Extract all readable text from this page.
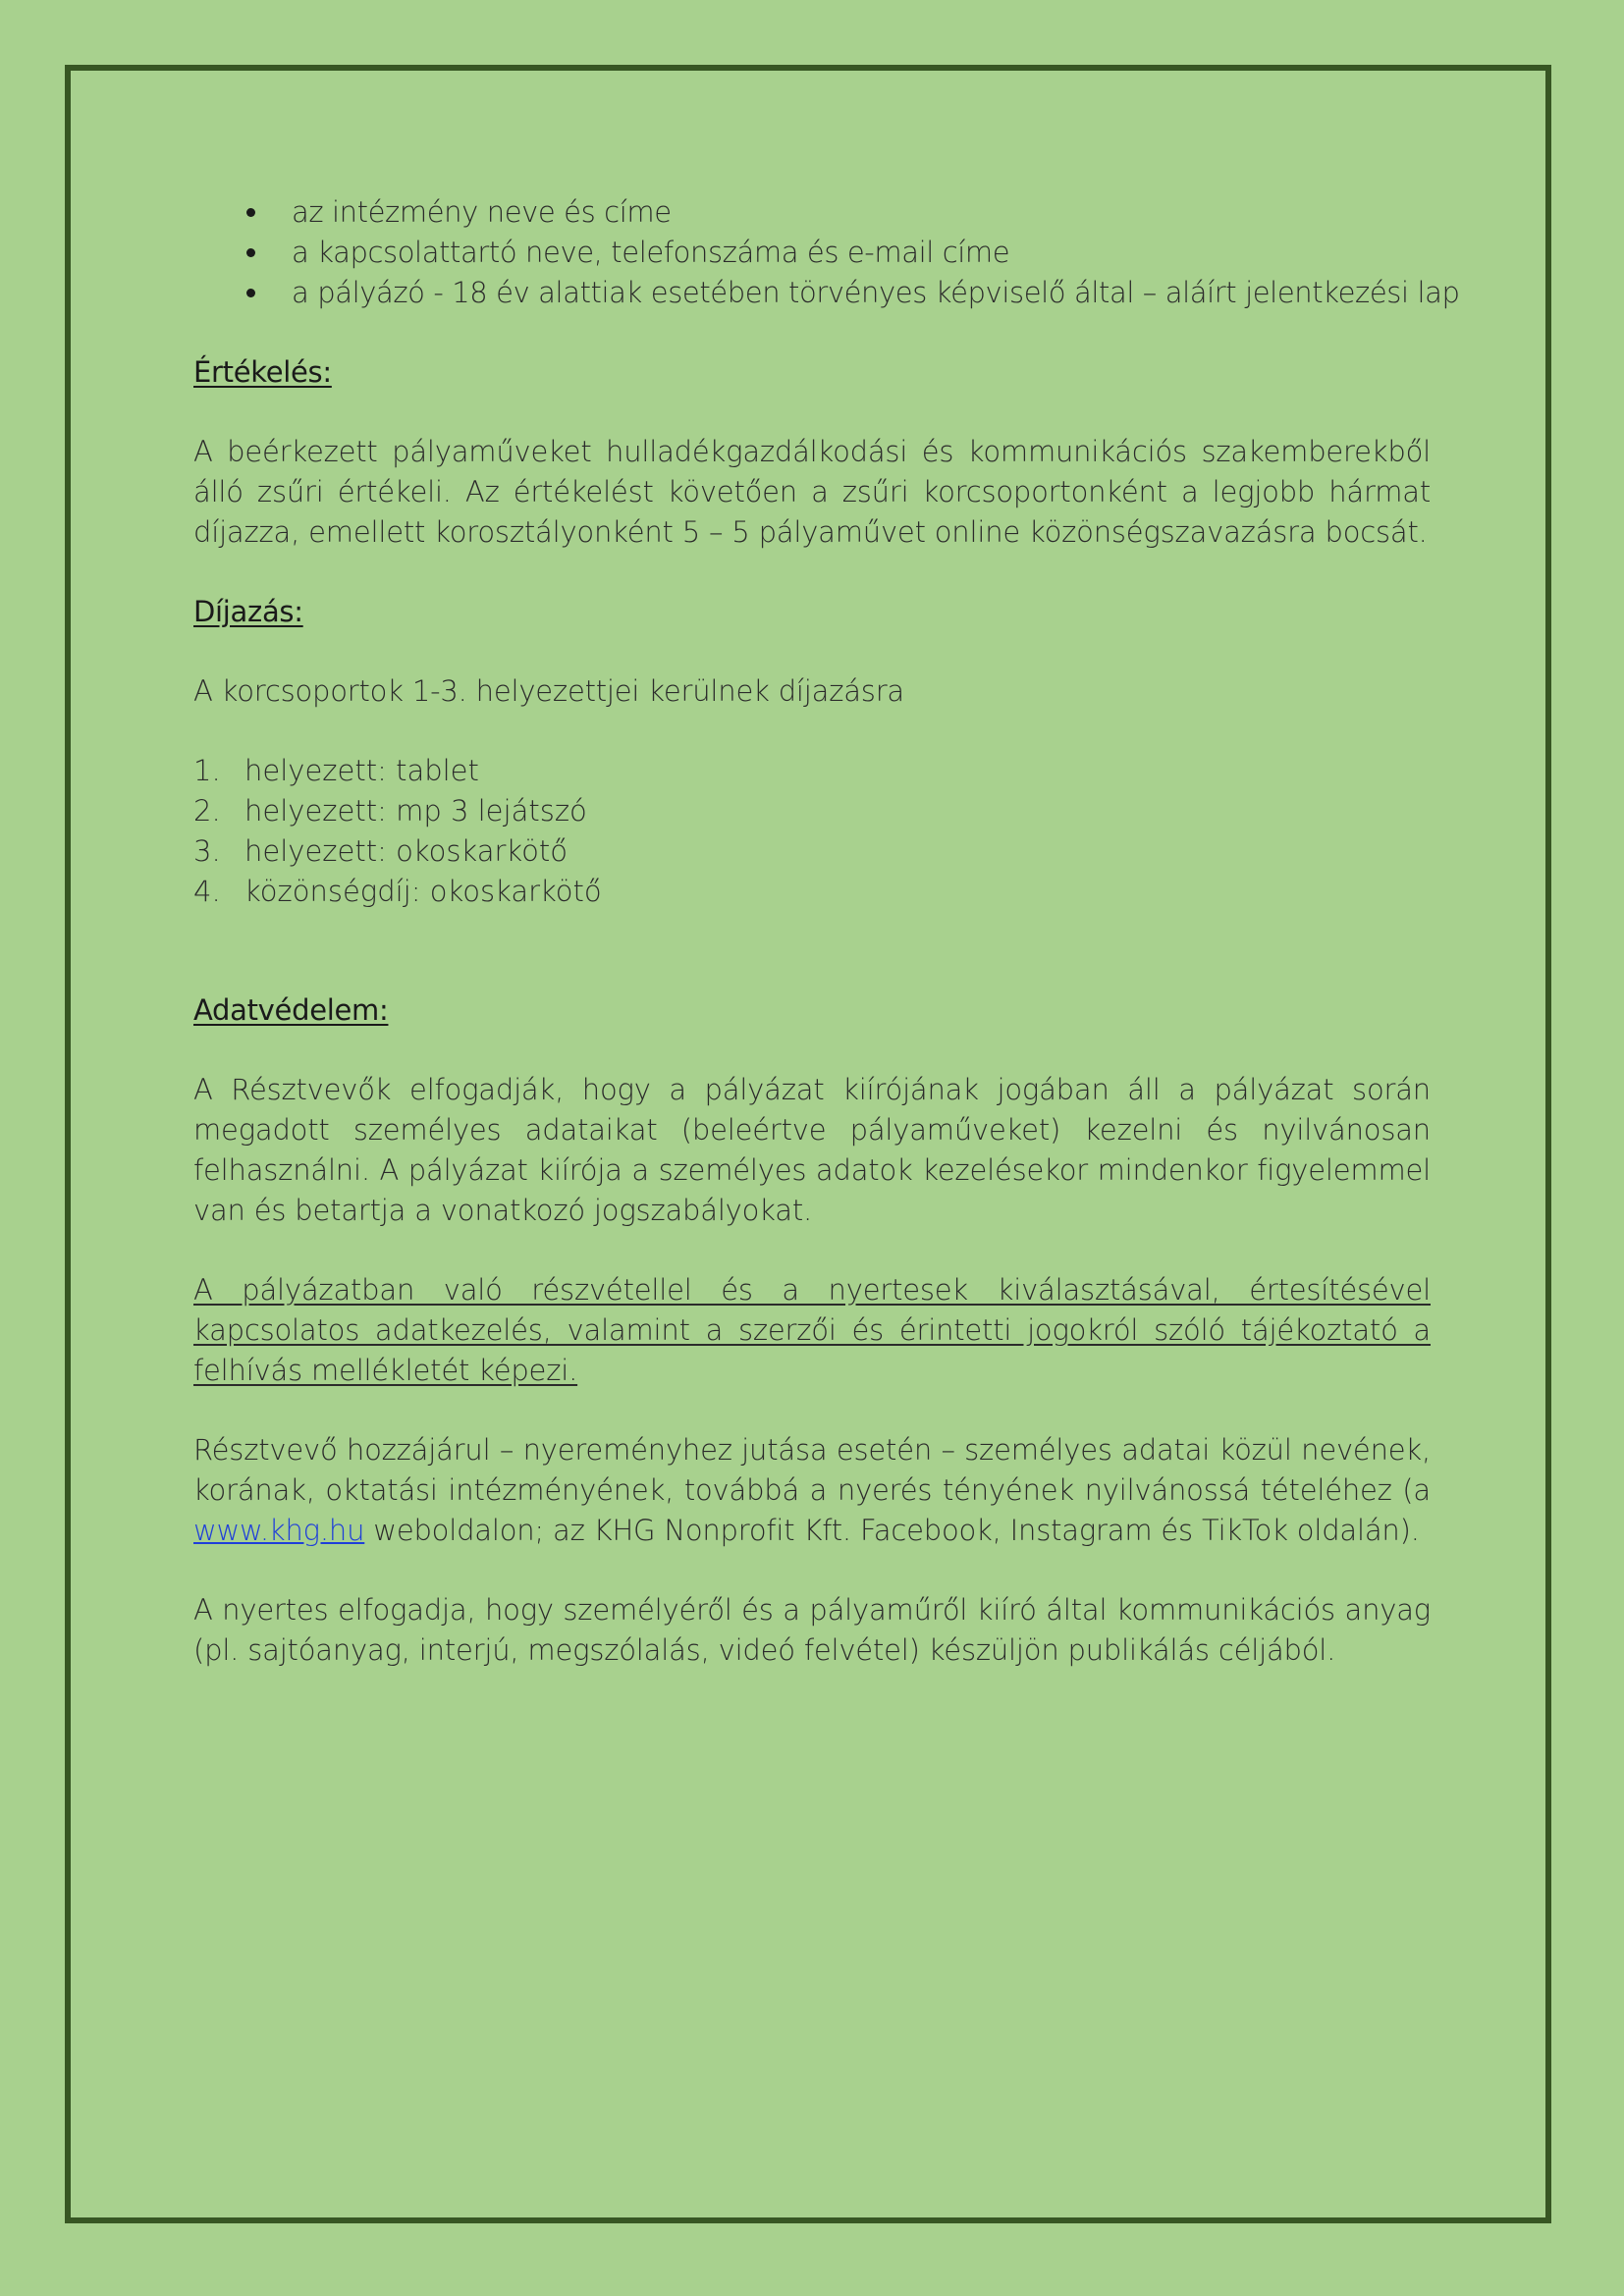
az intézmény neve és címe
a kapcsolattartó neve, telefonszáma és e-mail címe
a pályázó - 18 év alattiak esetében törvényes képviselő által – aláírt jelentkezési lap
Értékelés:

A beérkezett pályaműveket hulladékgazdálkodási és kommunikációs szakemberekből álló zsűri értékeli. Az értékelést követően a zsűri korcsoportonként a legjobb hármat díjazza, emellett korosztályonként 5 – 5 pályaművet online közönségszavazásra bocsát.

Díjazás:

A korcsoportok 1-3. helyezettjei kerülnek díjazásra

1. helyezett: tablet
2. helyezett: mp 3 lejátszó
3. helyezett: okoskarkötő
4. közönségdíj: okoskarkötő
Adatvédelem:

A Résztvevők elfogadják, hogy a pályázat kiírójának jogában áll a pályázat során megadott személyes adataikat (beleértve pályaműveket) kezelni és nyilvánosan felhasználni. A pályázat kiírója a személyes adatok kezelésekor mindenkor figyelemmel van és betartja a vonatkozó jogszabályokat.

A pályázatban való részvétellel és a nyertesek kiválasztásával, értesítésével kapcsolatos adatkezelés, valamint a szerzői és érintetti jogokról szóló tájékoztató a felhívás mellékletét képezi.

Résztvevő hozzájárul – nyereményhez jutása esetén – személyes adatai közül nevének, korának, oktatási intézményének, továbbá a nyerés tényének nyilvánossá tételéhez (a www.khg.hu weboldalon; az KHG Nonprofit Kft. Facebook, Instagram és TikTok oldalán).

A nyertes elfogadja, hogy személyéről és a pályaműről kiíró által kommunikációs anyag (pl. sajtóanyag, interjú, megszólalás, videó felvétel) készüljön publikálás céljából.
